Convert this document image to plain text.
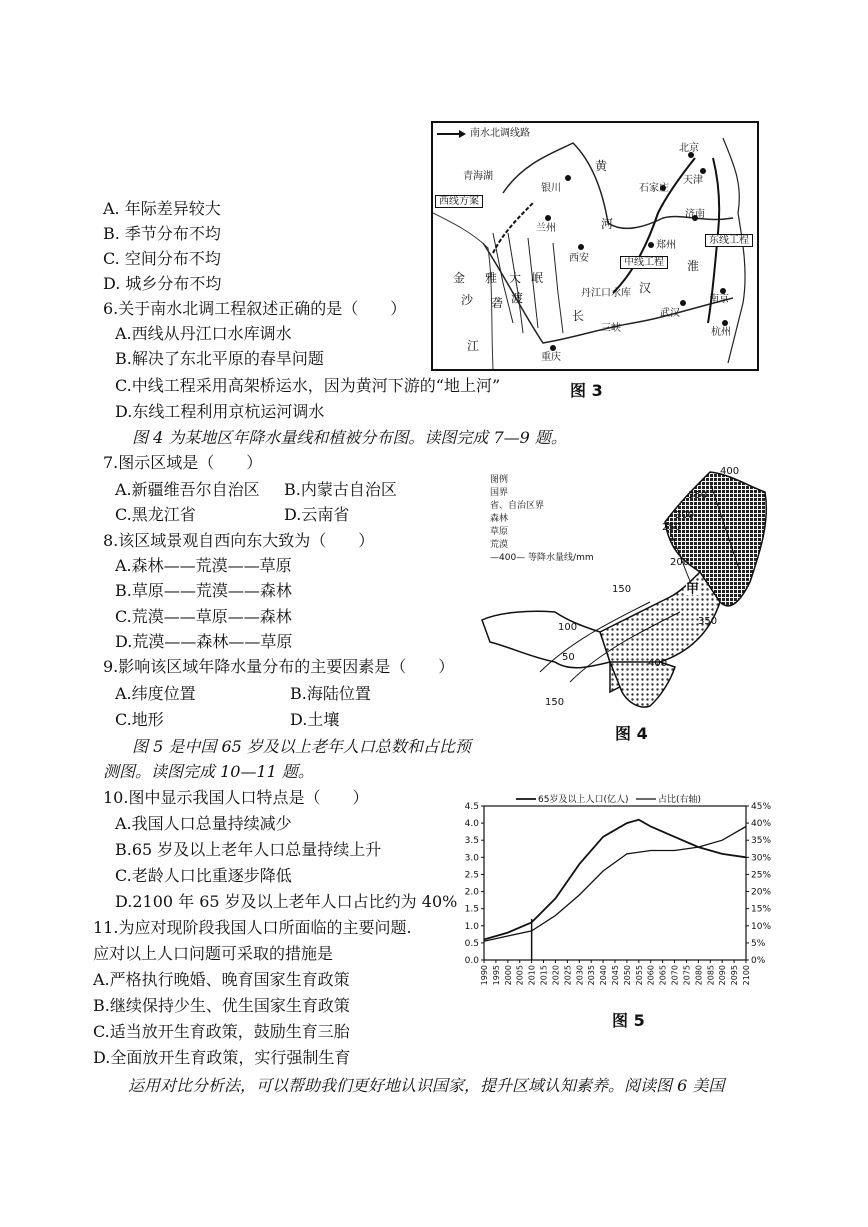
A. 年际差异较大
B. 季节分布不均
C. 空间分布不均
D. 城乡分布不均
6.关于南水北调工程叙述正确的是（　　）
A.西线从丹江口水库调水
B.解决了东北平原的春旱问题
C.中线工程采用高架桥运水，因为黄河下游的“地上河”
D.东线工程利用京杭运河调水
图 4 为某地区年降水量线和植被分布图。读图完成 7—9 题。
7.图示区域是（　　）
A.新疆维吾尔自治区 B.内蒙古自治区
C.黑龙江省	D.云南省
8.该区域景观自西向东大致为（　　）
A.森林——荒漠——草原
B.草原——荒漠——森林
C.荒漠——草原——森林
D.荒漠——森林——草原
9.影响该区域年降水量分布的主要因素是（　　）
A.纬度位置	B.海陆位置
C.地形	D.土壤
图 5 是中国 65 岁及以上老年人口总数和占比预
测图。读图完成 10—11 题。
10.图中显示我国人口特点是（　　）
A.我国人口总量持续减少
B.65 岁及以上老年人口总量持续上升
C.老龄人口比重逐步降低
D.2100 年 65 岁及以上老年人口占比约为 40%
11.为应对现阶段我国人口所面临的主要问题.
应对以上人口问题可采取的措施是
A.严格执行晚婚、晚育国家生育政策
B.继续保持少生、优生国家生育政策
C.适当放开生育政策，鼓励生育三胎
D.全面放开生育政策，实行强制生育
运用对比分析法，可以帮助我们更好地认识国家，提升区域认知素养。阅读图 6 美国
南水北调线路
青海湖
银川
兰州
西安
西线方案
中线工程
东线工程
丹江口水库
北京
天津
石家庄
济南
郑州
武汉
南京
杭州
重庆
三峡
黄
河
金
沙
江
雅
砻
大
渡
岷
长
汉
淮
图 3
图例
国界
省、自治区界
森林
草原
荒漠
—400— 等降水量线/mm
400
350
300
250
200
150
100
50
150
400
350
甲
图 4
0.0
0.5
1.0
1.5
2.0
2.5
3.0
3.5
4.0
4.5
0%
5%
10%
15%
20%
25%
30%
35%
40%
45%
1990 1995 2000 2005 2010 2015 2020 2025 2030 2035 2040 2045 2050 2055 2060 2065 2070 2075 2080 2085 2090 2095 2100
65岁及以上人口(亿人)	占比(右轴)
图 5
